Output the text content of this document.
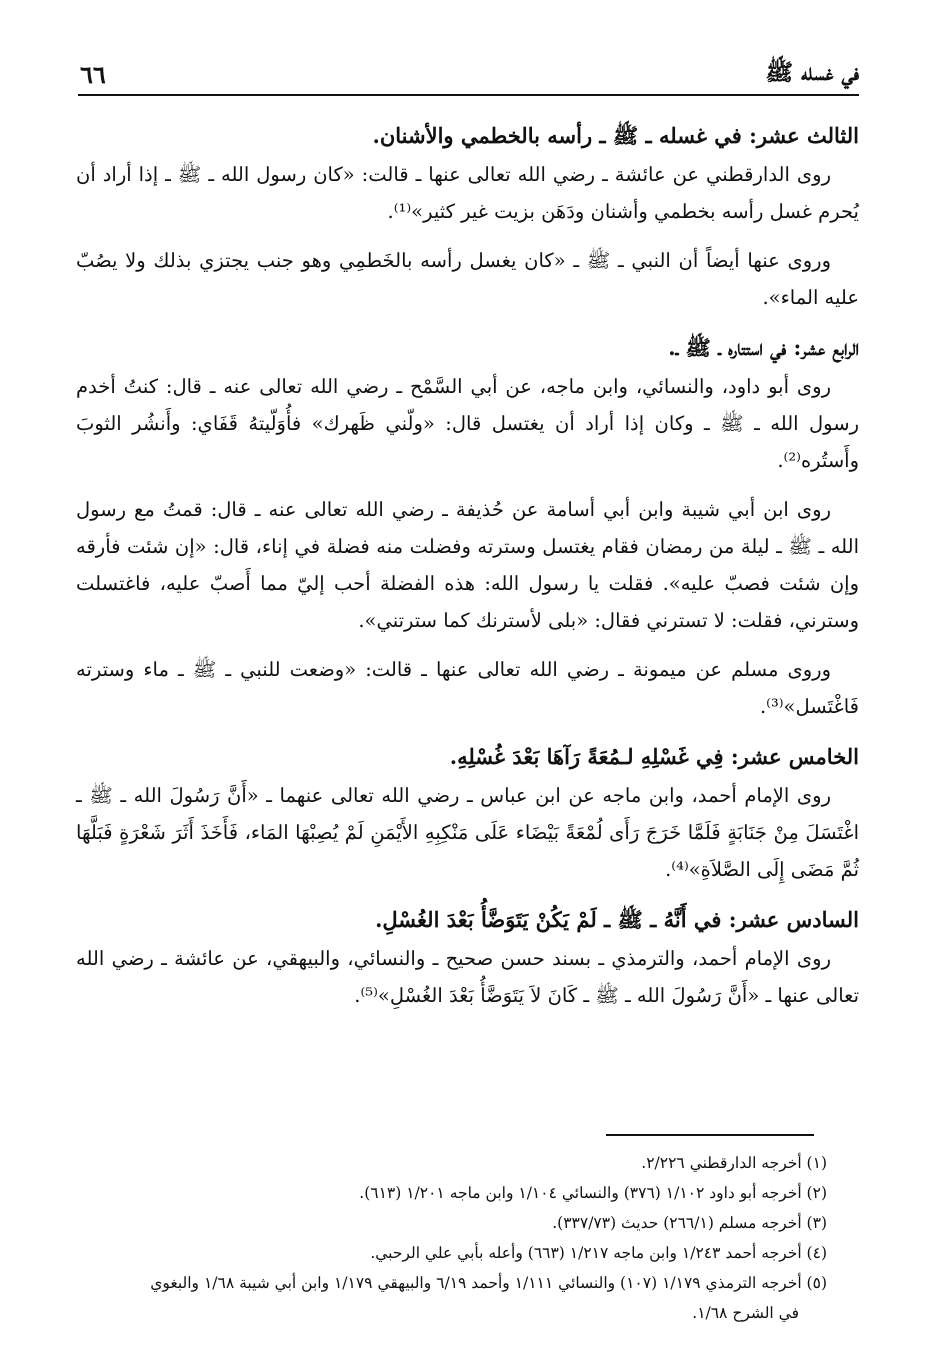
في غسله ﷺ
٦٦
الثالث عشر: في غسله ـ ﷺ ـ رأسه بالخطمي والأشنان.

روى الدارقطني عن عائشة ـ رضي الله تعالى عنها ـ قالت: «كان رسول الله ـ ﷺ ـ إذا أراد أن يُحرم غسل رأسه بخطمي وأشنان ودَهَن بزيت غير كثير»⁽¹⁾.

وروى عنها أيضاً أن النبي ـ ﷺ ـ «كان يغسل رأسه بالخَطمِي وهو جنب يجتزي بذلك ولا يصُبّ عليه الماء».

الرابع عشر: في استتاره ـ ﷺ ـ.

روى أبو داود، والنسائي، وابن ماجه، عن أبي السَّمْح ـ رضي الله تعالى عنه ـ قال: كنتُ أخدم رسول الله ـ ﷺ ـ وكان إذا أراد أن يغتسل قال: «ولّني ظَهرك» فأُوَلّيتهُ قَفَاي: وأَنشُر الثوبَ وأَستُره⁽²⁾.

روى ابن أبي شيبة وابن أبي أسامة عن حُذيفة ـ رضي الله تعالى عنه ـ قال: قمتُ مع رسول الله ـ ﷺ ـ ليلة من رمضان فقام يغتسل وسترته وفضلت منه فضلة في إناء، قال: «إن شئت فأرقه وإن شئت فصبّ عليه». فقلت يا رسول الله: هذه الفضلة أحب إليّ مما أَصبّ عليه، فاغتسلت وسترني، فقلت: لا تسترني فقال: «بلى لأسترنك كما سترتني».

وروى مسلم عن ميمونة ـ رضي الله تعالى عنها ـ قالت: «وضعت للنبي ـ ﷺ ـ ماء وسترته فَاغْتَسل»⁽³⁾.

الخامس عشر: فِي غَسْلِهِ لـمُعَةً رَآهَا بَعْدَ غُسْلِهِ.

روى الإمام أحمد، وابن ماجه عن ابن عباس ـ رضي الله تعالى عنهما ـ «أَنَّ رَسُولَ الله ـ ﷺ ـ اغْتَسَلَ مِنْ جَنَابَةٍ فَلَمَّا خَرَجَ رَأَى لُمْعَةً بَيْضَاء عَلَى مَنْكِبِهِ الأَيْمَنِ لَمْ يُصِبْهَا المَاء، فَأَخَذَ أَثَرَ شَعْرَةٍ فَبَلَّهَا ثُمَّ مَضَى إِلَى الصَّلاَةِ»⁽⁴⁾.

السادس عشر: في أَنَّهُ ـ ﷺ ـ لَمْ يَكُنْ يَتَوَضَّأُ بَعْدَ الغُسْلِ.

روى الإمام أحمد، والترمذي ـ بسند حسن صحيح ـ والنسائي، والبيهقي، عن عائشة ـ رضي الله تعالى عنها ـ «أَنَّ رَسُولَ الله ـ ﷺ ـ كَانَ لاَ يَتَوَضَّأُ بَعْدَ الغُسْلِ»⁽⁵⁾.

(١) أخرجه الدارقطني ٢/٢٢٦.

(٢) أخرجه أبو داود ١/١٠٢ (٣٧٦) والنسائي ١/١٠٤ وابن ماجه ١/٢٠١ (٦١٣).

(٣) أخرجه مسلم (٢٦٦/١) حديث (٣٣٧/٧٣).

(٤) أخرجه أحمد ١/٢٤٣ وابن ماجه ١/٢١٧ (٦٦٣) وأعله بأبي علي الرحبي.

(٥) أخرجه الترمذي ١/١٧٩ (١٠٧) والنسائي ١/١١١ وأحمد ٦/١٩ والبيهقي ١/١٧٩ وابن أبي شيبة ١/٦٨ والبغوي

في الشرح ١/٦٨.
